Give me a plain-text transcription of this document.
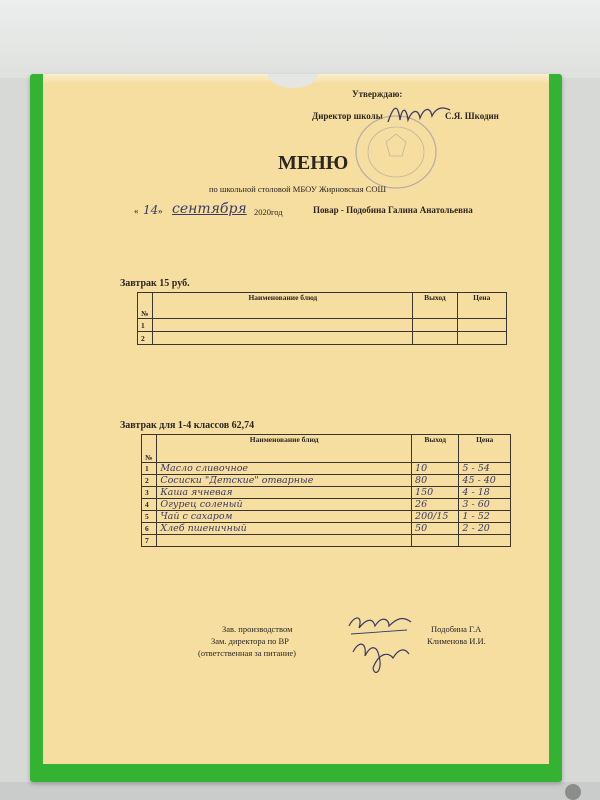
Утверждаю:
Директор школы	С.Я. Шкодин
МЕНЮ
по школьной столовой МБОУ Жирновская СОШ
« 14 » сентября 2020год	Повар - Подобина Галина Анатольевна
Завтрак 15 руб.
№	Наименование блюд	Выход	Цена
1			
2			
Завтрак для 1-4 классов 62,74
№	Наименование блюд	Выход	Цена
1	Масло сливочное	10	5 - 54
2	Сосиски "Детские" отварные	80	45 - 40
3	Каша ячневая	150	4 - 18
4	Огурец соленый	26	3 - 60
5	Чай с сахаром	200/15	1 - 52
6	Хлеб пшеничный	50	2 - 20
7			
Зав. производством
Зам. директора по ВР
(ответственная за питание)
Подобина Г.А
Клименова И.И.
